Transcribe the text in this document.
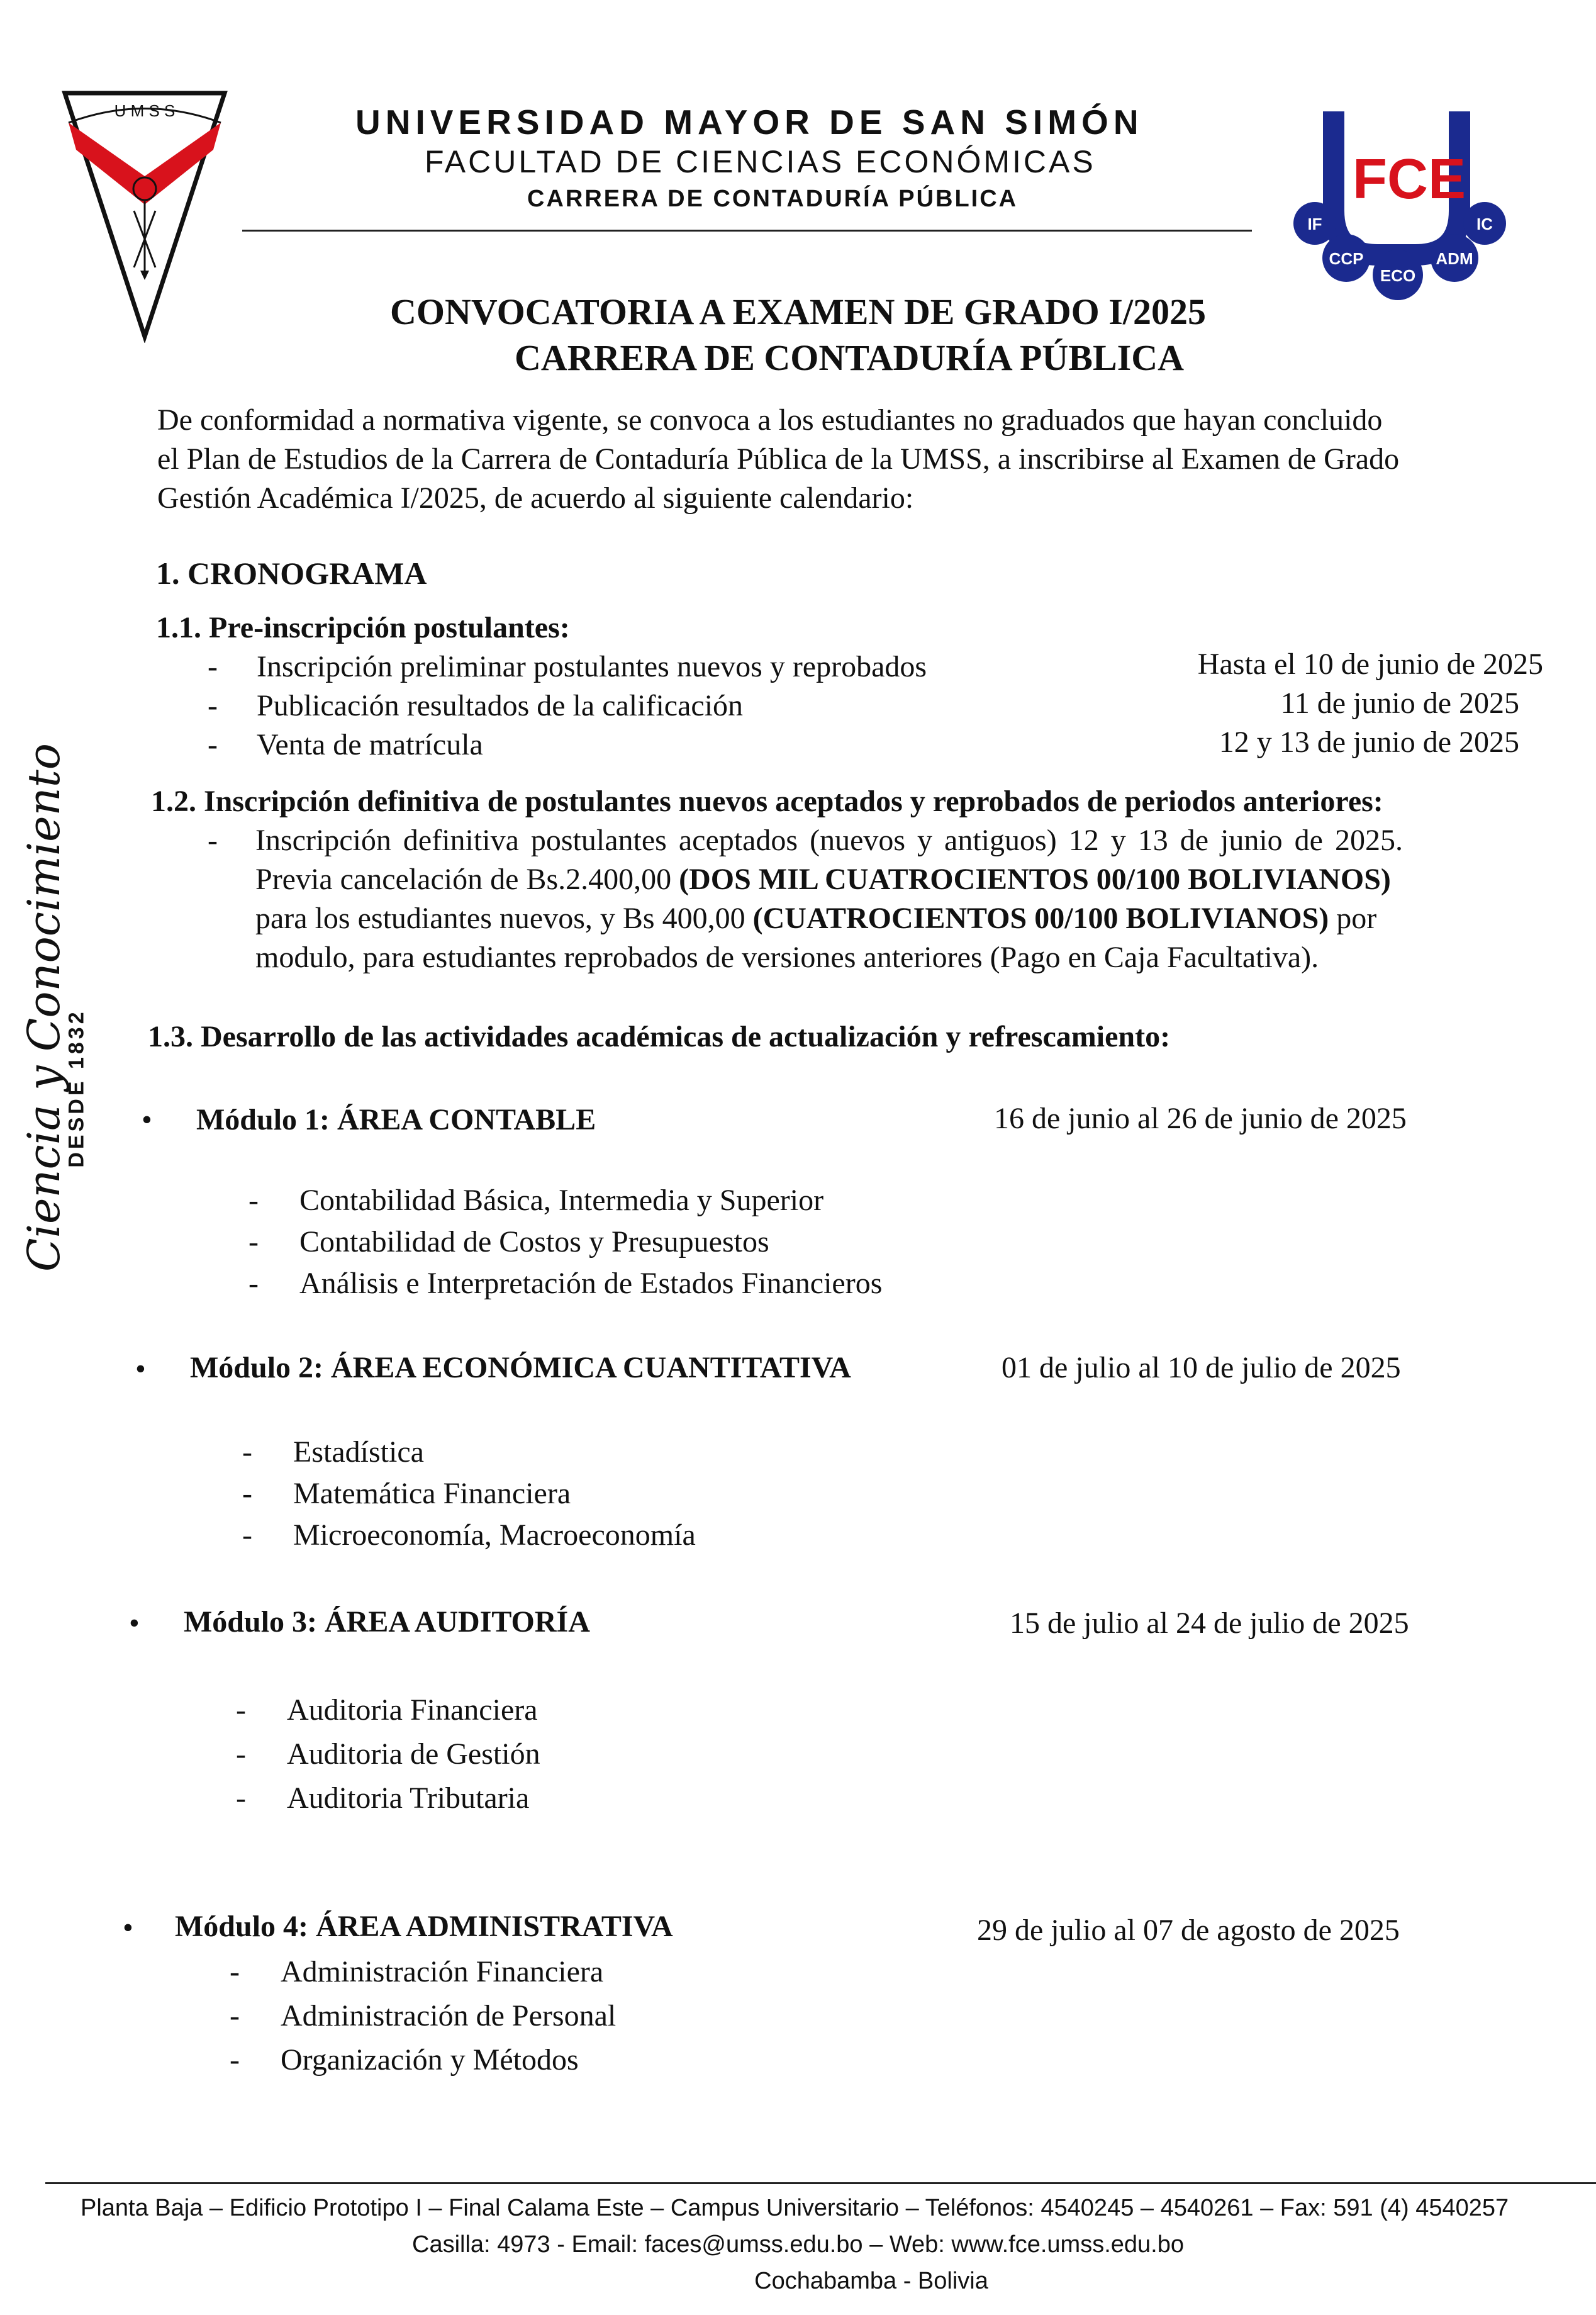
U M S S
UMSS FCE
IF	IC
CCP
ECO
ADM
UNIVERSIDAD MAYOR DE SAN SIMÓN
FACULTAD DE CIENCIAS ECONÓMICAS
CARRERA DE CONTADURÍA PÚBLICA
CONVOCATORIA A EXAMEN DE GRADO I/2025
CARRERA DE CONTADURÍA PÚBLICA
De conformidad a normativa vigente, se convoca a los estudiantes no graduados que hayan concluido
el Plan de Estudios de la Carrera de Contaduría Pública de la UMSS, a inscribirse al Examen de Grado
Gestión Académica I/2025, de acuerdo al siguiente calendario:
1. CRONOGRAMA
1.1. Pre-inscripción postulantes:
- Inscripción preliminar postulantes nuevos y reprobados	Hasta el 10 de junio de 2025
- Publicación resultados de la calificación	11 de junio de 2025
- Venta de matrícula	12 y 13 de junio de 2025
1.2. Inscripción definitiva de postulantes nuevos aceptados y reprobados de periodos anteriores:
- Inscripción definitiva postulantes aceptados (nuevos y antiguos) 12 y 13 de junio de 2025.
Previa cancelación de Bs.2.400,00 (DOS MIL CUATROCIENTOS 00/100 BOLIVIANOS)
para los estudiantes nuevos, y Bs 400,00 (CUATROCIENTOS 00/100 BOLIVIANOS) por
modulo, para estudiantes reprobados de versiones anteriores (Pago en Caja Facultativa).
1.3. Desarrollo de las actividades académicas de actualización y refrescamiento:
• Módulo 1: ÁREA CONTABLE	16 de junio al 26 de junio de 2025
- Contabilidad Básica, Intermedia y Superior
- Contabilidad de Costos y Presupuestos
- Análisis e Interpretación de Estados Financieros
• Módulo 2: ÁREA ECONÓMICA CUANTITATIVA	01 de julio al 10 de julio de 2025
- Estadística
- Matemática Financiera
- Microeconomía, Macroeconomía
• Módulo 3: ÁREA AUDITORÍA	15 de julio al 24 de julio de 2025
- Auditoria Financiera
- Auditoria de Gestión
- Auditoria Tributaria
• Módulo 4: ÁREA ADMINISTRATIVA	29 de julio al 07 de agosto de 2025
- Administración Financiera
- Administración de Personal
- Organización y Métodos
Ciencia y Conocimiento
DESDE 1832
Planta Baja – Edificio Prototipo I – Final Calama Este – Campus Universitario – Teléfonos: 4540245 – 4540261 – Fax: 591 (4) 4540257
Casilla: 4973 - Email: faces@umss.edu.bo – Web: www.fce.umss.edu.bo
Cochabamba - Bolivia
